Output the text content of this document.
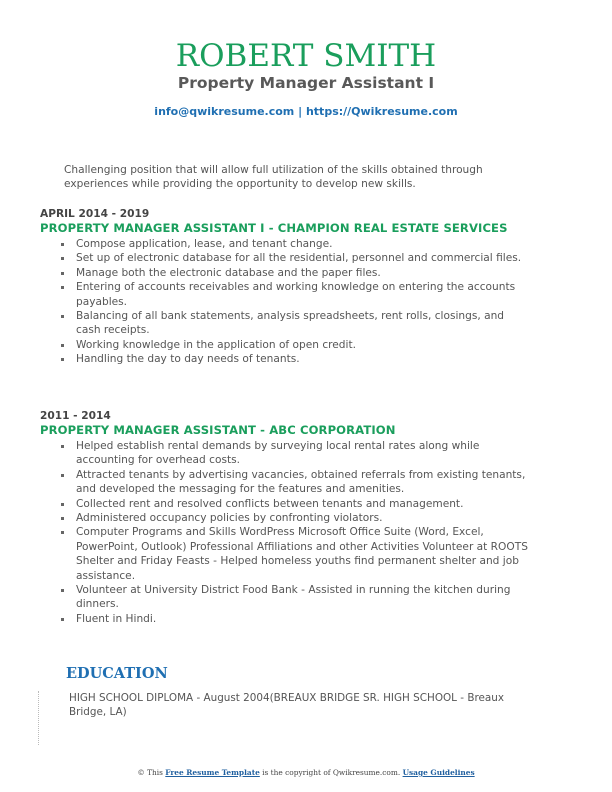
ROBERT SMITH
Property Manager Assistant I
info@qwikresume.com | https://Qwikresume.com

Challenging position that will allow full utilization of the skills obtained through experiences while providing the opportunity to develop new skills.

APRIL 2014 - 2019
PROPERTY MANAGER ASSISTANT I - CHAMPION REAL ESTATE SERVICES
Compose application, lease, and tenant change.
Set up of electronic database for all the residential, personnel and commercial files.
Manage both the electronic database and the paper files.
Entering of accounts receivables and working knowledge on entering the accounts payables.
Balancing of all bank statements, analysis spreadsheets, rent rolls, closings, and cash receipts.
Working knowledge in the application of open credit.
Handling the day to day needs of tenants.
2011 - 2014
PROPERTY MANAGER ASSISTANT - ABC CORPORATION
Helped establish rental demands by surveying local rental rates along while accounting for overhead costs.
Attracted tenants by advertising vacancies, obtained referrals from existing tenants, and developed the messaging for the features and amenities.
Collected rent and resolved conflicts between tenants and management.
Administered occupancy policies by confronting violators.
Computer Programs and Skills WordPress Microsoft Office Suite (Word, Excel, PowerPoint, Outlook) Professional Affiliations and other Activities Volunteer at ROOTS Shelter and Friday Feasts - Helped homeless youths find permanent shelter and job assistance.
Volunteer at University District Food Bank - Assisted in running the kitchen during dinners.
Fluent in Hindi.
EDUCATION
HIGH SCHOOL DIPLOMA - August 2004(BREAUX BRIDGE SR. HIGH SCHOOL - Breaux Bridge, LA)
© This Free Resume Template is the copyright of Qwikresume.com. Usage Guidelines
